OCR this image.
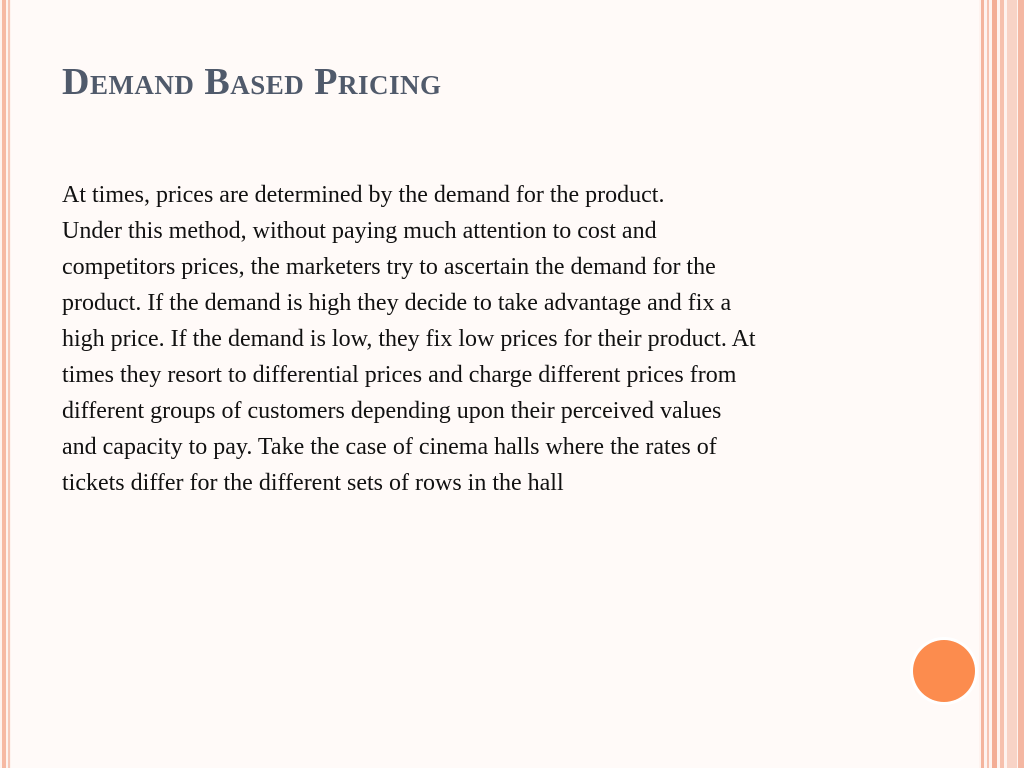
Demand Based Pricing

At times, prices are determined by the demand for the product.

Under this method, without paying much attention to cost and

competitors prices, the marketers try to ascertain the demand for the

product. If the demand is high they decide to take advantage and fix a

high price. If the demand is low, they fix low prices for their product. At

times they resort to differential prices and charge different prices from

different groups of customers depending upon their perceived values

and capacity to pay. Take the case of cinema halls where the rates of

tickets differ for the different sets of rows in the hall
